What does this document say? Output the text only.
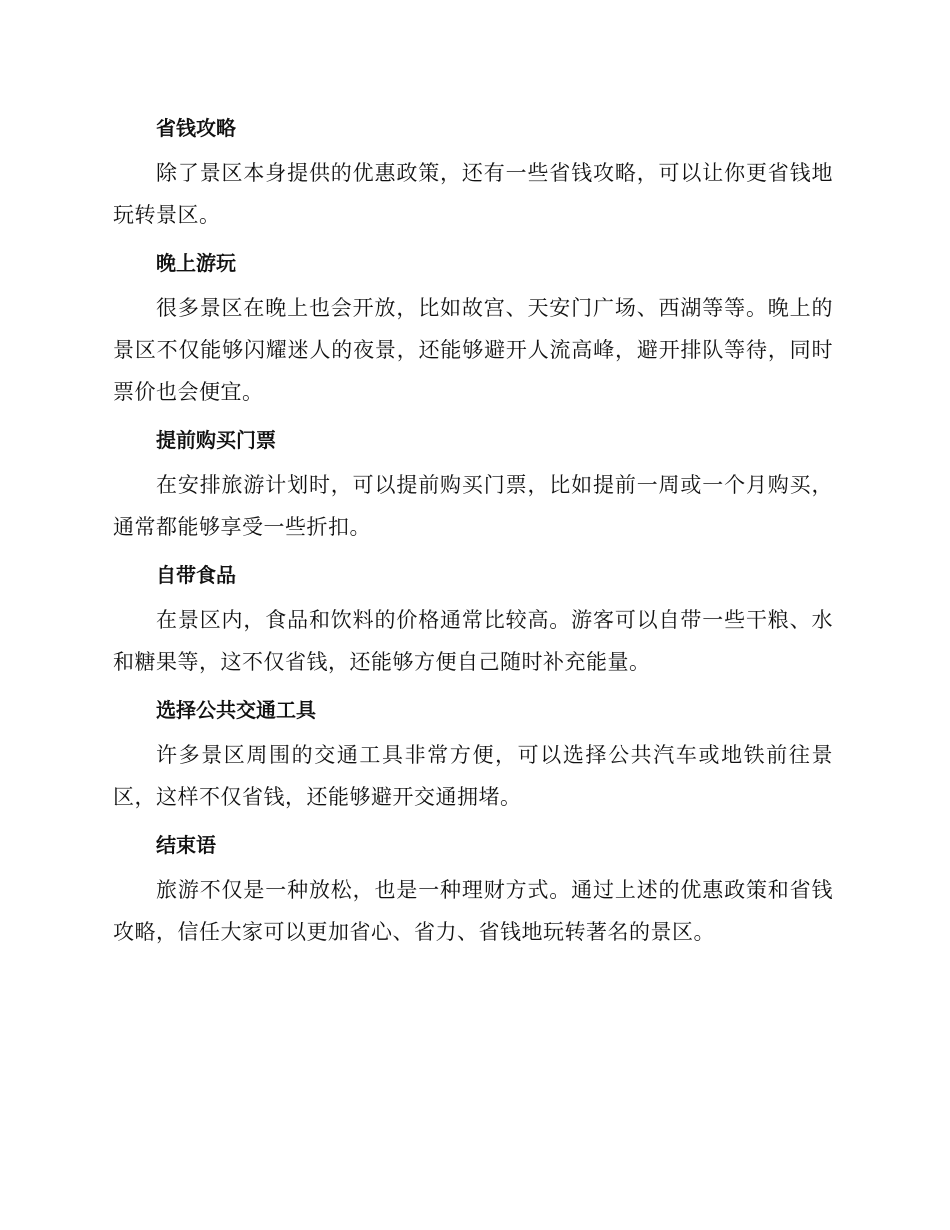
省钱攻略

除了景区本身提供的优惠政策，还有一些省钱攻略，可以让你更省钱地玩转景区。

晚上游玩

很多景区在晚上也会开放，比如故宫、天安门广场、西湖等等。晚上的景区不仅能够闪耀迷人的夜景，还能够避开人流高峰，避开排队等待，同时票价也会便宜。

提前购买门票

在安排旅游计划时，可以提前购买门票，比如提前一周或一个月购买，通常都能够享受一些折扣。

自带食品

在景区内，食品和饮料的价格通常比较高。游客可以自带一些干粮、水和糖果等，这不仅省钱，还能够方便自己随时补充能量。

选择公共交通工具

许多景区周围的交通工具非常方便，可以选择公共汽车或地铁前往景区，这样不仅省钱，还能够避开交通拥堵。

结束语

旅游不仅是一种放松，也是一种理财方式。通过上述的优惠政策和省钱攻略，信任大家可以更加省心、省力、省钱地玩转著名的景区。
